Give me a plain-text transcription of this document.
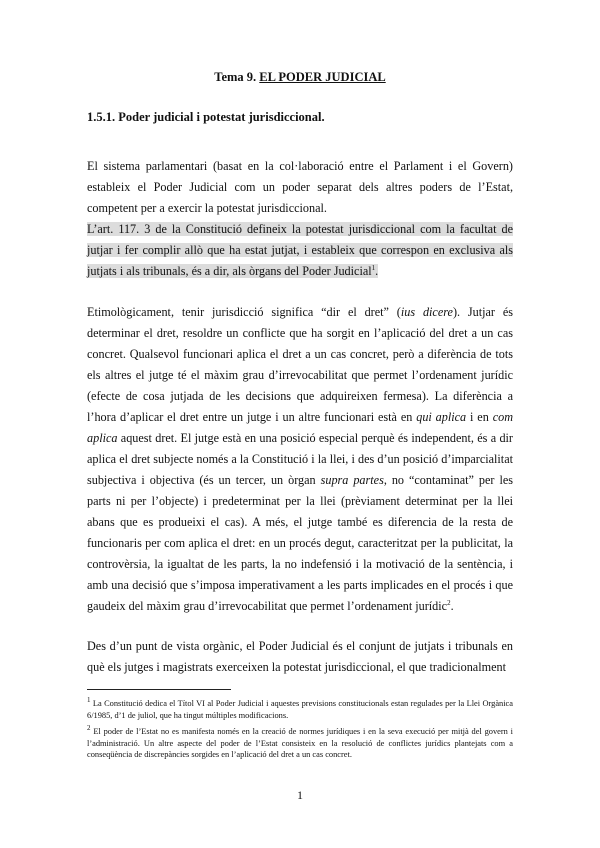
Tema 9. EL PODER JUDICIAL
1.5.1. Poder judicial i potestat jurisdiccional.

El sistema parlamentari (basat en la col·laboració entre el Parlament i el Govern) estableix el Poder Judicial com un poder separat dels altres poders de l’Estat, competent per a exercir la potestat jurisdiccional.

L’art. 117. 3 de la Constitució defineix la potestat jurisdiccional com la facultat de jutjar i fer complir allò que ha estat jutjat, i estableix que correspon en exclusiva als jutjats i als tribunals, és a dir, als òrgans del Poder Judicial$^1$.

Etimològicament, tenir jurisdicció significa “dir el dret” (ius dicere). Jutjar és determinar el dret, resoldre un conflicte que ha sorgit en l’aplicació del dret a un cas concret. Qualsevol funcionari aplica el dret a un cas concret, però a diferència de tots els altres el jutge té el màxim grau d’irrevocabilitat que permet l’ordenament jurídic (efecte de cosa jutjada de les decisions que adquireixen fermesa). La diferència a l’hora d’aplicar el dret entre un jutge i un altre funcionari està en qui aplica i en com aplica aquest dret. El jutge està en una posició especial perquè és independent, és a dir aplica el dret subjecte només a la Constitució i la llei, i des d’un posició d’imparcialitat subjectiva i objectiva (és un tercer, un òrgan supra partes, no “contaminat” per les parts ni per l’objecte) i predeterminat per la llei (prèviament determinat per la llei abans que es produeixi el cas). A més, el jutge també es diferencia de la resta de funcionaris per com aplica el dret: en un procés degut, caracteritzat per la publicitat, la controvèrsia, la igualtat de les parts, la no indefensió i la motivació de la sentència, i amb una decisió que s’imposa imperativament a les parts implicades en el procés i que gaudeix del màxim grau d’irrevocabilitat que permet l’ordenament jurídic$^2$.

Des d’un punt de vista orgànic, el Poder Judicial és el conjunt de jutjats i tribunals en què els jutges i magistrats exerceixen la potestat jurisdiccional, el que tradicionalment

$^1$ La Constitució dedica el Títol VI al Poder Judicial i aquestes previsions constitucionals estan regulades per la Llei Orgànica 6/1985, d’1 de juliol, que ha tingut múltiples modificacions.
$^2$ El poder de l’Estat no es manifesta només en la creació de normes jurídiques i en la seva execució per mitjà del govern i l’administració. Un altre aspecte del poder de l’Estat consisteix en la resolució de conflictes jurídics plantejats com a conseqüència de discrepàncies sorgides en l’aplicació del dret a un cas concret.
1
